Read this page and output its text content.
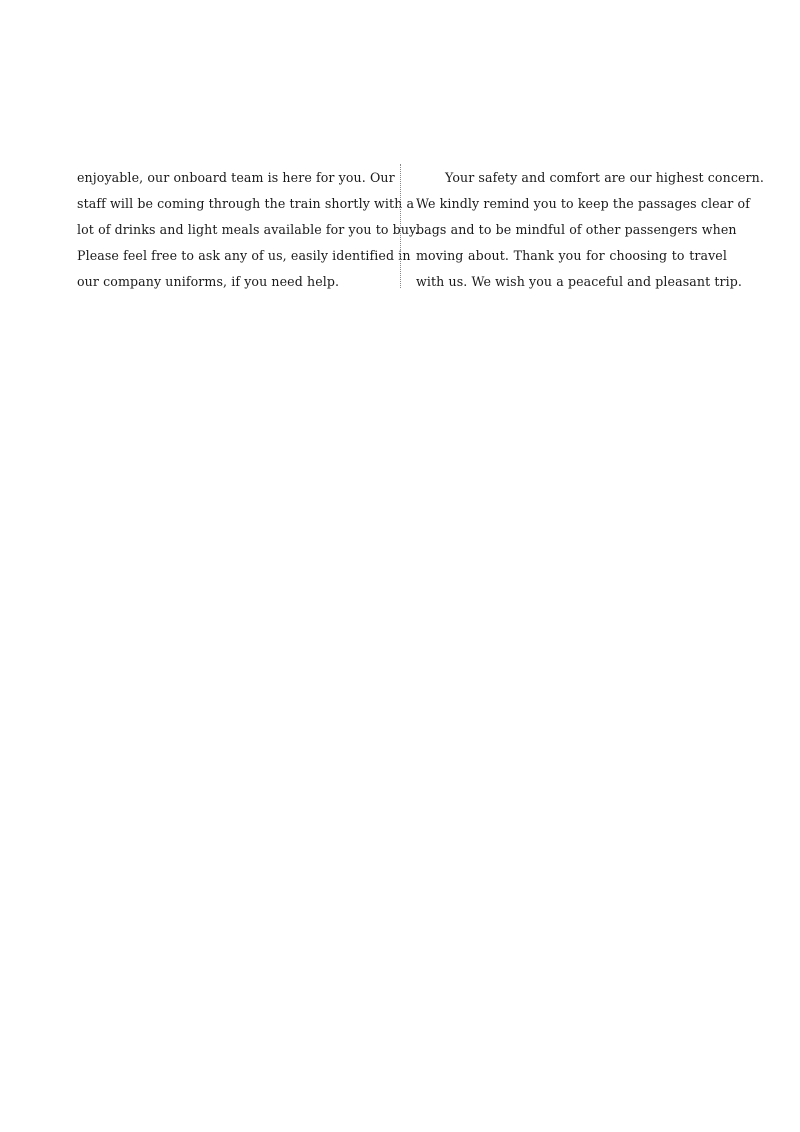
enjoyable, our onboard team is here for you. Our
staff will be coming through the train shortly with a
lot of drinks and light meals available for you to buy.
Please feel free to ask any of us, easily identified in
our company uniforms, if you need help.
Your safety and comfort are our highest concern.
We kindly remind you to keep the passages clear of
bags and to be mindful of other passengers when
moving about. Thank you for choosing to travel
with us. We wish you a peaceful and pleasant trip.
